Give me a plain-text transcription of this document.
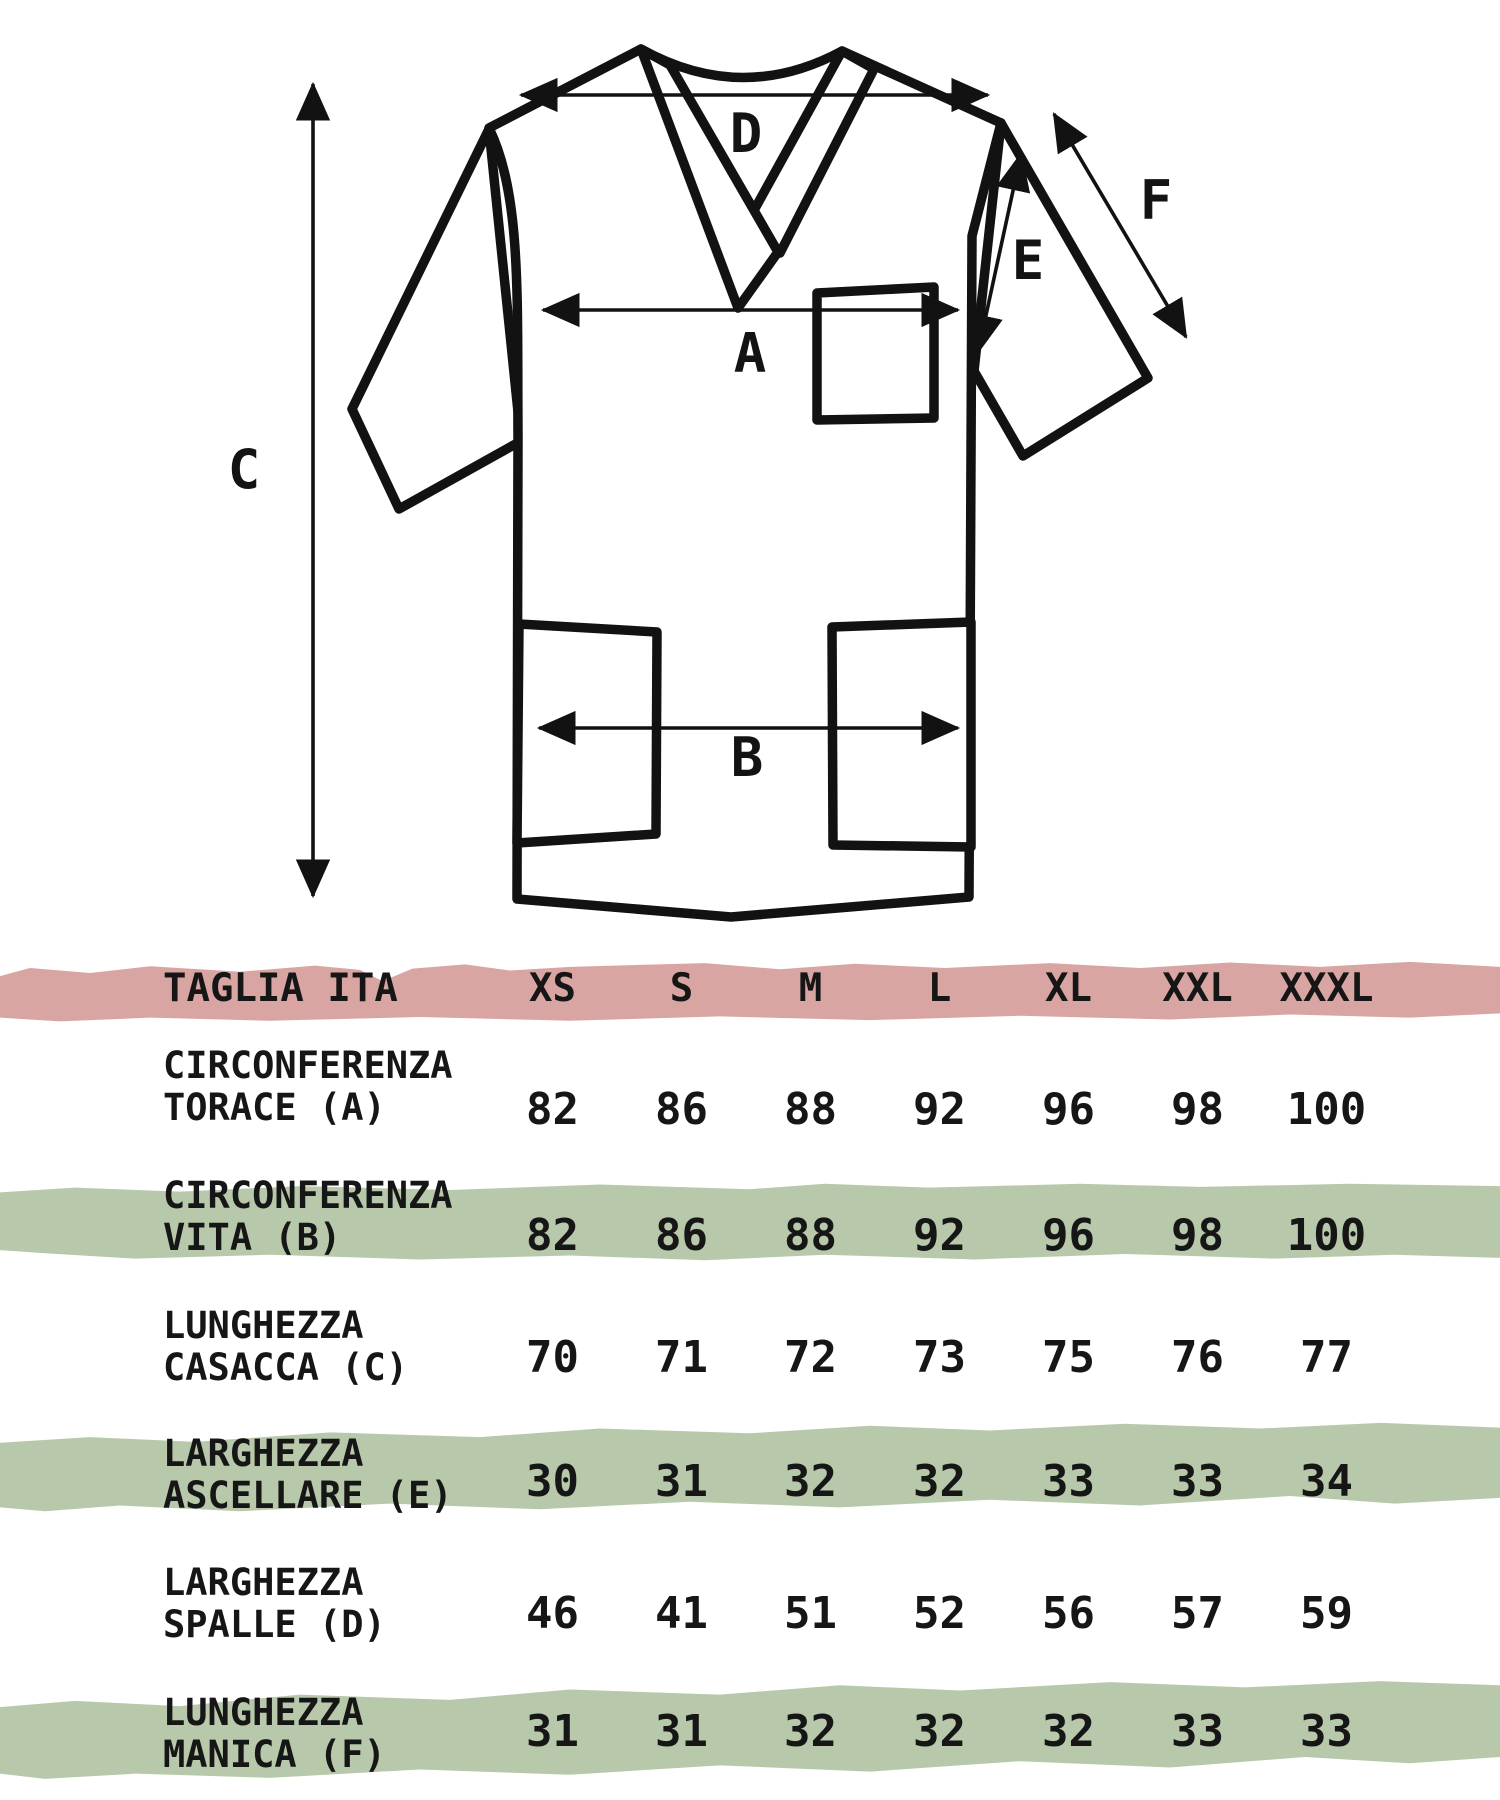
D
A
B
C
E
F
TAGLIA ITA	XS	S	M	L	XL	XXL	XXXL
CIRCONFERENZA
TORACE (A)	82	86	88	92	96	98	100
CIRCONFERENZA
VITA (B)	82	86	88	92	96	98	100
LUNGHEZZA
CASACCA (C)	70	71	72	73	75	76	77
LARGHEZZA
ASCELLARE (E)	30	31	32	32	33	33	34
LARGHEZZA
SPALLE (D)	46	41	51	52	56	57	59
LUNGHEZZA
MANICA (F)	31	31	32	32	32	33	33
